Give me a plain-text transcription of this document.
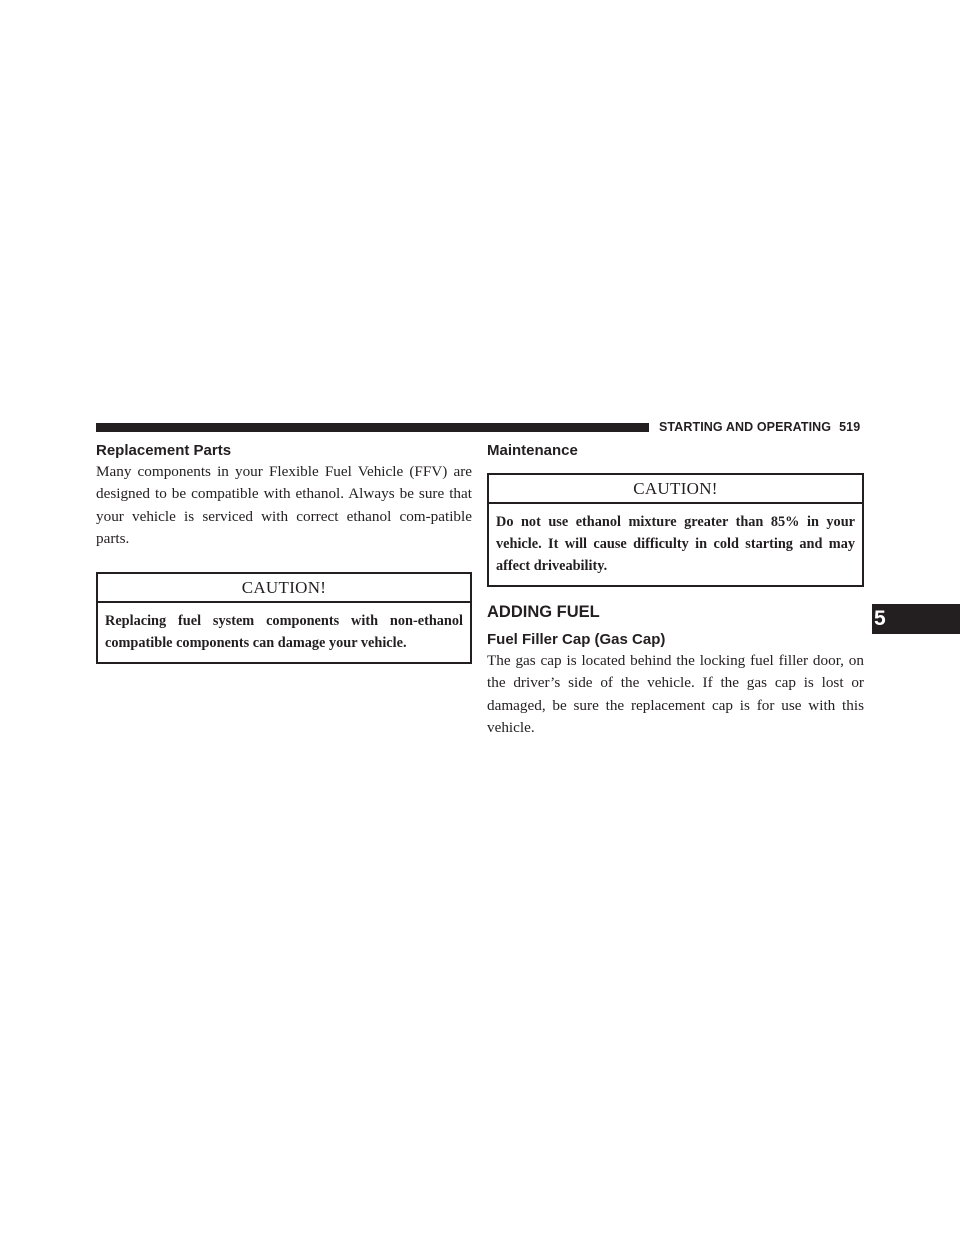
STARTING AND OPERATING 519
Replacement Parts

Many components in your Flexible Fuel Vehicle (FFV) are designed to be compatible with ethanol. Always be sure that your vehicle is serviced with correct ethanol com-patible parts.

CAUTION!
Replacing fuel system components with non-ethanol compatible components can damage your vehicle.
Maintenance
CAUTION!
Do not use ethanol mixture greater than 85% in your vehicle. It will cause difficulty in cold starting and may affect driveability.
ADDING FUEL
Fuel Filler Cap (Gas Cap)

The gas cap is located behind the locking fuel filler door, on the driver’s side of the vehicle. If the gas cap is lost or damaged, be sure the replacement cap is for use with this vehicle.

5
